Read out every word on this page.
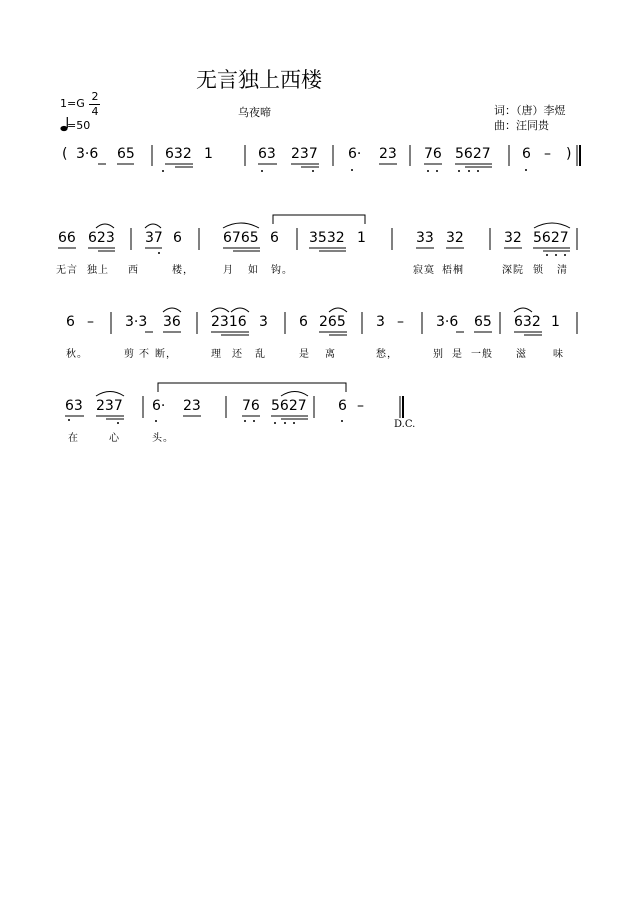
无言独上西楼
乌夜啼	词：（唐）李煜
曲：汪同贵
1=G
2
4
=50
( 3·6 65 632 1	63 237 6· 23 76 5627 6 – )
66 623 37 6	6765 6 3532 1	33 32	32 5627
无言 独上 西	楼，	月 如 钩。	寂寞 梧桐	深院 锁 清
6 – 3·3 36 2316 3 6 265 3 – 3·6 65 632 1
秋。	剪 不 断，	理 还 乱	是 离	愁，	别 是 一般 滋	味
63 237 6· 23	76 5627 6 –
在	心	头。
D.C.
